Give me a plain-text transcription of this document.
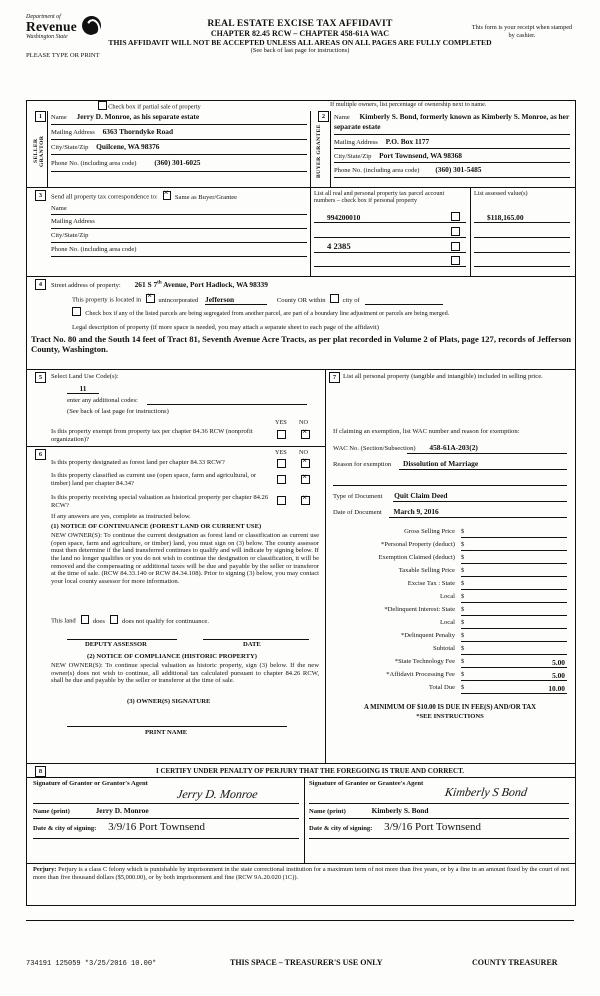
Department of
Revenue
Washington State
REAL ESTATE EXCISE TAX AFFIDAVIT
CHAPTER 82.45 RCW – CHAPTER 458-61A WAC
THIS AFFIDAVIT WILL NOT BE ACCEPTED UNLESS ALL AREAS ON ALL PAGES ARE FULLY COMPLETED
(See back of last page for instructions)
This form is your receipt when stamped by cashier.
PLEASE TYPE OR PRINT
Check box if partial sale of property	If multiple owners, list percentage of ownership next to name.
SELLER GRANTOR	BUYER GRANTEE
1	Name Jerry D. Monroe, as his separate estate
Mailing Address 6363 Thorndyke Road
City/State/Zip Quilcene, WA 98376
Phone No. (including area code) (360) 301-6025
2	Name Kimberly S. Bond, formerly known as Kimberly S. Monroe, as her separate estate
Mailing Address P.O. Box 1177
City/State/Zip Port Townsend, WA 98368
Phone No. (including area code) (360) 301-5485
3	Send all property tax correspondence to: ×	Same as Buyer/Grantee
Name
Mailing Address
City/State/Zip
Phone No. (including area code)
List all real and personal property tax parcel account numbers – check box if personal property
List assessed value(s)
994200010	$118,165.00
4 2385
4	Street address of property: 261 S 7th Avenue, Port Hadlock, WA 98339
This property is located in ×	unincorporated Jefferson	County OR within	city of
Check box if any of the listed parcels are being segregated from another parcel, are part of a boundary line adjustment or parcels are being merged.
Legal description of property (if more space is needed, you may attach a separate sheet to each page of the affidavit)
Tract No. 80 and the South 14 feet of Tract 81, Seventh Avenue Acre Tracts, as per plat recorded in Volume 2 of Plats, page 127, records of Jefferson County, Washington.
5	Select Land Use Code(s):
11
enter any additional codes:
(See back of last page for instructions)
YES NO
Is this property exempt from property tax per chapter 84.36 RCW (nonprofit organization)?
×
6	YES NO
Is this property designated as forest land per chapter 84.33 RCW?
×
Is this property classified as current use (open space, farm and agricultural, or timber) land per chapter 84.34?
×
Is this property receiving special valuation as historical property per chapter 84.26 RCW?
×
If any answers are yes, complete as instructed below.
(1) NOTICE OF CONTINUANCE (FOREST LAND OR CURRENT USE)
NEW OWNER(S): To continue the current designation as forest land or classification as current use (open space, farm and agriculture, or timber) land, you must sign on (3) below. The county assessor must then determine if the land transferred continues to qualify and will indicate by signing below. If the land no longer qualifies or you do not wish to continue the designation or classification, it will be removed and the compensating or additional taxes will be due and payable by the seller or transferor at the time of sale. (RCW 84.33.140 or RCW 84.34.108). Prior to signing (3) below, you may contact your local county assessor for more information.
This land	does	does not qualify for continuance.
DEPUTY ASSESSOR	DATE
(2) NOTICE OF COMPLIANCE (HISTORIC PROPERTY)
NEW OWNER(S): To continue special valuation as historic property, sign (3) below. If the new owner(s) does not wish to continue, all additional tax calculated pursuant to chapter 84.26 RCW, shall be due and payable by the seller or transferor at the time of sale.
(3) OWNER(S) SIGNATURE
PRINT NAME
7	List all personal property (tangible and intangible) included in selling price.
If claiming an exemption, list WAC number and reason for exemption:
WAC No. (Section/Subsection) 458-61A-203(2)
Reason for exemption Dissolution of Marriage
Type of Document Quit Claim Deed
Date of Document March 9, 2016
Gross Selling Price $
*Personal Property (deduct) $
Exemption Claimed (deduct) $
Taxable Selling Price $
Excise Tax : State $
Local $
*Delinquent Interest: State $
Local $
*Delinquent Penalty $
Subtotal $
*State Technology Fee $	5.00
*Affidavit Processing Fee $	5.00
Total Due $	10.00
A MINIMUM OF $10.00 IS DUE IN FEE(S) AND/OR TAX
*SEE INSTRUCTIONS
8	I CERTIFY UNDER PENALTY OF PERJURY THAT THE FOREGOING IS TRUE AND CORRECT.
Signature of Grantor or Grantor's Agent
Jerry D. Monroe
Name (print)	Jerry D. Monroe
Date & city of signing: 3/9/16 Port Townsend
Signature of Grantee or Grantee's Agent
Kimberly S Bond
Name (print)	Kimberly S. Bond
Date & city of signing: 3/9/16 Port Townsend
Perjury: Perjury is a class C felony which is punishable by imprisonment in the state correctional institution for a maximum term of not more than five years, or by a fine in an amount fixed by the court of not more than five thousand dollars ($5,000.00), or by both imprisonment and fine (RCW 9A.20.020 (1C)).
734191 125059 *3/25/2016 10.00*	THIS SPACE – TREASURER'S USE ONLY	COUNTY TREASURER
